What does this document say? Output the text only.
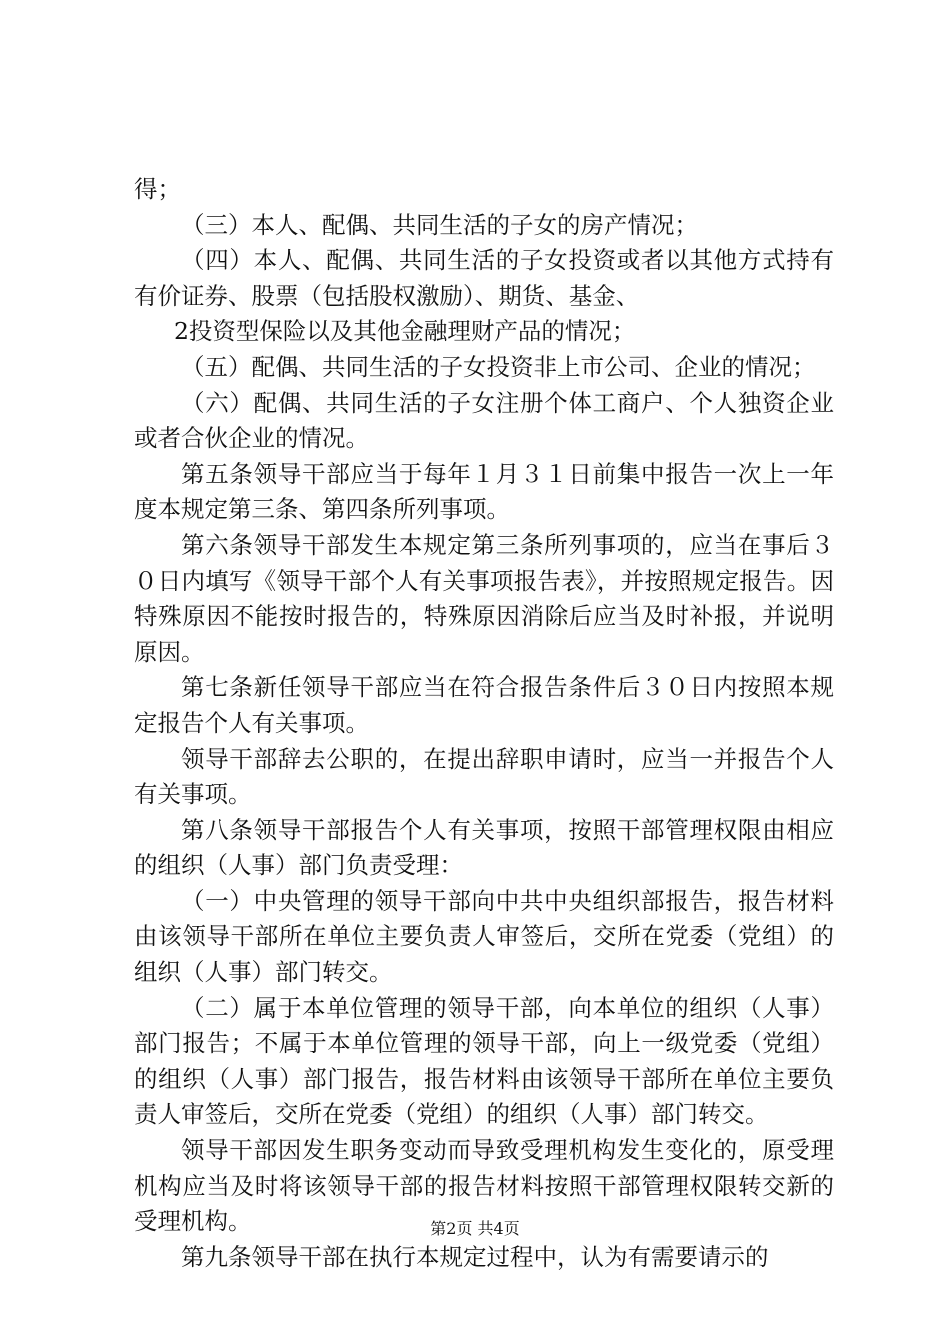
得；

（三）本人、配偶、共同生活的子女的房产情况；

（四）本人、配偶、共同生活的子女投资或者以其他方式持有有价证券、股票（包括股权激励）、期货、基金、

2投资型保险以及其他金融理财产品的情况；

（五）配偶、共同生活的子女投资非上市公司、企业的情况；

（六）配偶、共同生活的子女注册个体工商户、个人独资企业或者合伙企业的情况。

第五条领导干部应当于每年１月３１日前集中报告一次上一年度本规定第三条、第四条所列事项。

第六条领导干部发生本规定第三条所列事项的，应当在事后３０日内填写《领导干部个人有关事项报告表》，并按照规定报告。因特殊原因不能按时报告的，特殊原因消除后应当及时补报，并说明原因。

第七条新任领导干部应当在符合报告条件后３０日内按照本规定报告个人有关事项。

领导干部辞去公职的，在提出辞职申请时，应当一并报告个人有关事项。

第八条领导干部报告个人有关事项，按照干部管理权限由相应的组织（人事）部门负责受理：

（一）中央管理的领导干部向中共中央组织部报告，报告材料由该领导干部所在单位主要负责人审签后，交所在党委（党组）的组织（人事）部门转交。

（二）属于本单位管理的领导干部，向本单位的组织（人事）部门报告；不属于本单位管理的领导干部，向上一级党委（党组）的组织（人事）部门报告，报告材料由该领导干部所在单位主要负责人审签后，交所在党委（党组）的组织（人事）部门转交。

领导干部因发生职务变动而导致受理机构发生变化的，原受理机构应当及时将该领导干部的报告材料按照干部管理权限转交新的受理机构。

第九条领导干部在执行本规定过程中，认为有需要请示的

第2页 共4页
